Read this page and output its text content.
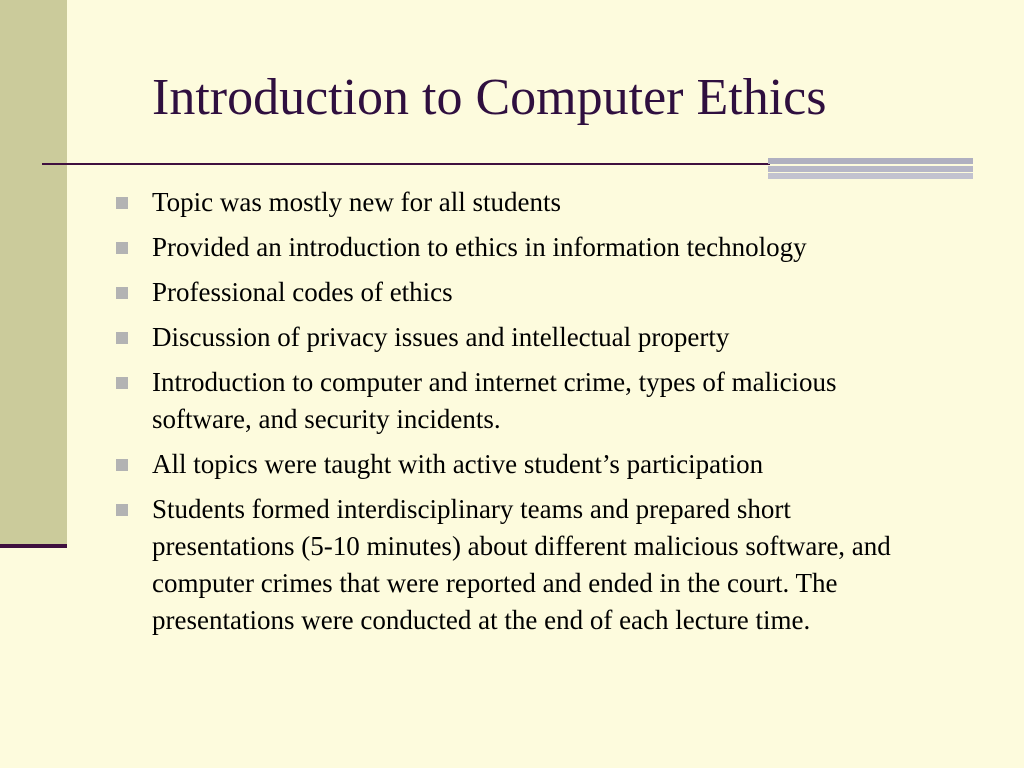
Introduction to Computer Ethics
Topic was mostly new for all students
Provided an introduction to ethics in information technology
Professional codes of ethics
Discussion of privacy issues and intellectual property
Introduction to computer and internet crime, types of malicious software, and security incidents.
All topics were taught with active student’s participation
Students formed interdisciplinary teams and prepared short presentations (5-10 minutes) about different malicious software, and computer crimes that were reported and ended in the court. The presentations were conducted at the end of each lecture time.
